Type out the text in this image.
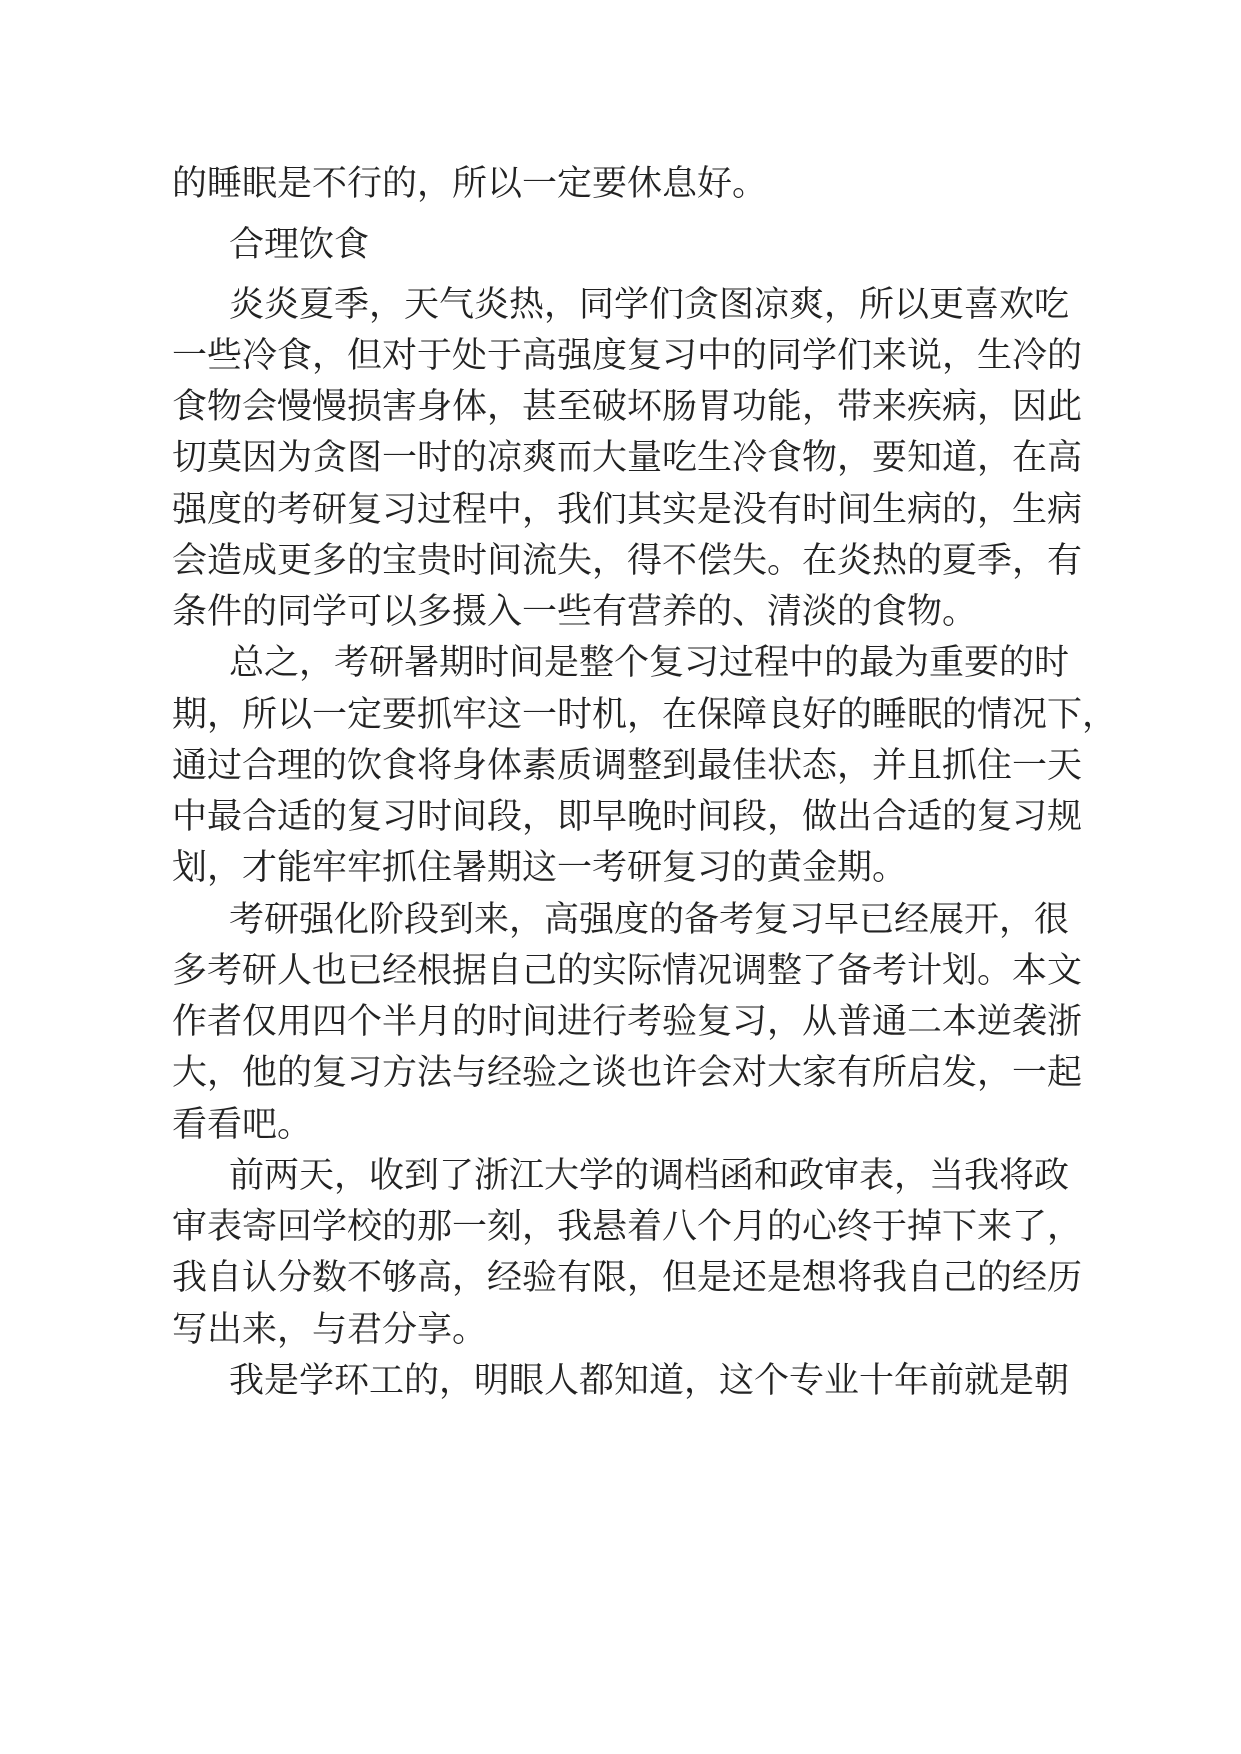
的睡眠是不行的，所以一定要休息好。

合理饮食

炎炎夏季，天气炎热，同学们贪图凉爽，所以更喜欢吃

一些冷食，但对于处于高强度复习中的同学们来说，生冷的

食物会慢慢损害身体，甚至破坏肠胃功能，带来疾病，因此

切莫因为贪图一时的凉爽而大量吃生冷食物，要知道，在高

强度的考研复习过程中，我们其实是没有时间生病的，生病

会造成更多的宝贵时间流失，得不偿失。在炎热的夏季，有

条件的同学可以多摄入一些有营养的、清淡的食物。

总之，考研暑期时间是整个复习过程中的最为重要的时

期，所以一定要抓牢这一时机，在保障良好的睡眠的情况下，

通过合理的饮食将身体素质调整到最佳状态，并且抓住一天

中最合适的复习时间段，即早晚时间段，做出合适的复习规

划，才能牢牢抓住暑期这一考研复习的黄金期。

考研强化阶段到来，高强度的备考复习早已经展开，很

多考研人也已经根据自己的实际情况调整了备考计划。本文

作者仅用四个半月的时间进行考验复习，从普通二本逆袭浙

大，他的复习方法与经验之谈也许会对大家有所启发，一起

看看吧。

前两天，收到了浙江大学的调档函和政审表，当我将政

审表寄回学校的那一刻，我悬着八个月的心终于掉下来了，

我自认分数不够高，经验有限，但是还是想将我自己的经历

写出来，与君分享。

我是学环工的，明眼人都知道，这个专业十年前就是朝
